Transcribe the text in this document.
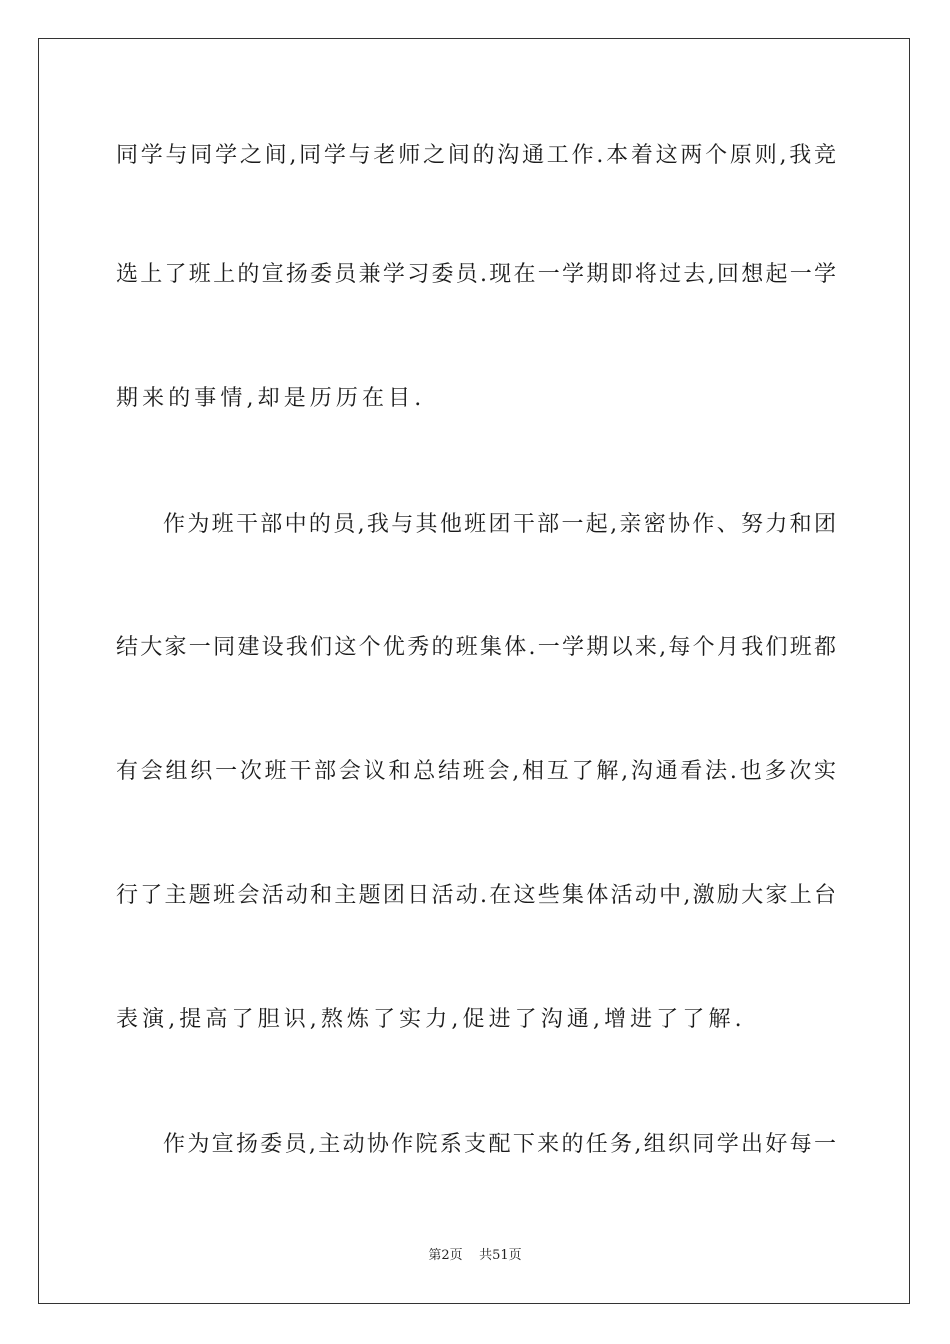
同学与同学之间,同学与老师之间的沟通工作.本着这两个原则,我竞
选上了班上的宣扬委员兼学习委员.现在一学期即将过去,回想起一学
期来的事情,却是历历在目.
作为班干部中的员,我与其他班团干部一起,亲密协作、努力和团
结大家一同建设我们这个优秀的班集体.一学期以来,每个月我们班都
有会组织一次班干部会议和总结班会,相互了解,沟通看法.也多次实
行了主题班会活动和主题团日活动.在这些集体活动中,激励大家上台
表演,提高了胆识,熬炼了实力,促进了沟通,增进了了解.
作为宣扬委员,主动协作院系支配下来的任务,组织同学出好每一
第2页 共51页
